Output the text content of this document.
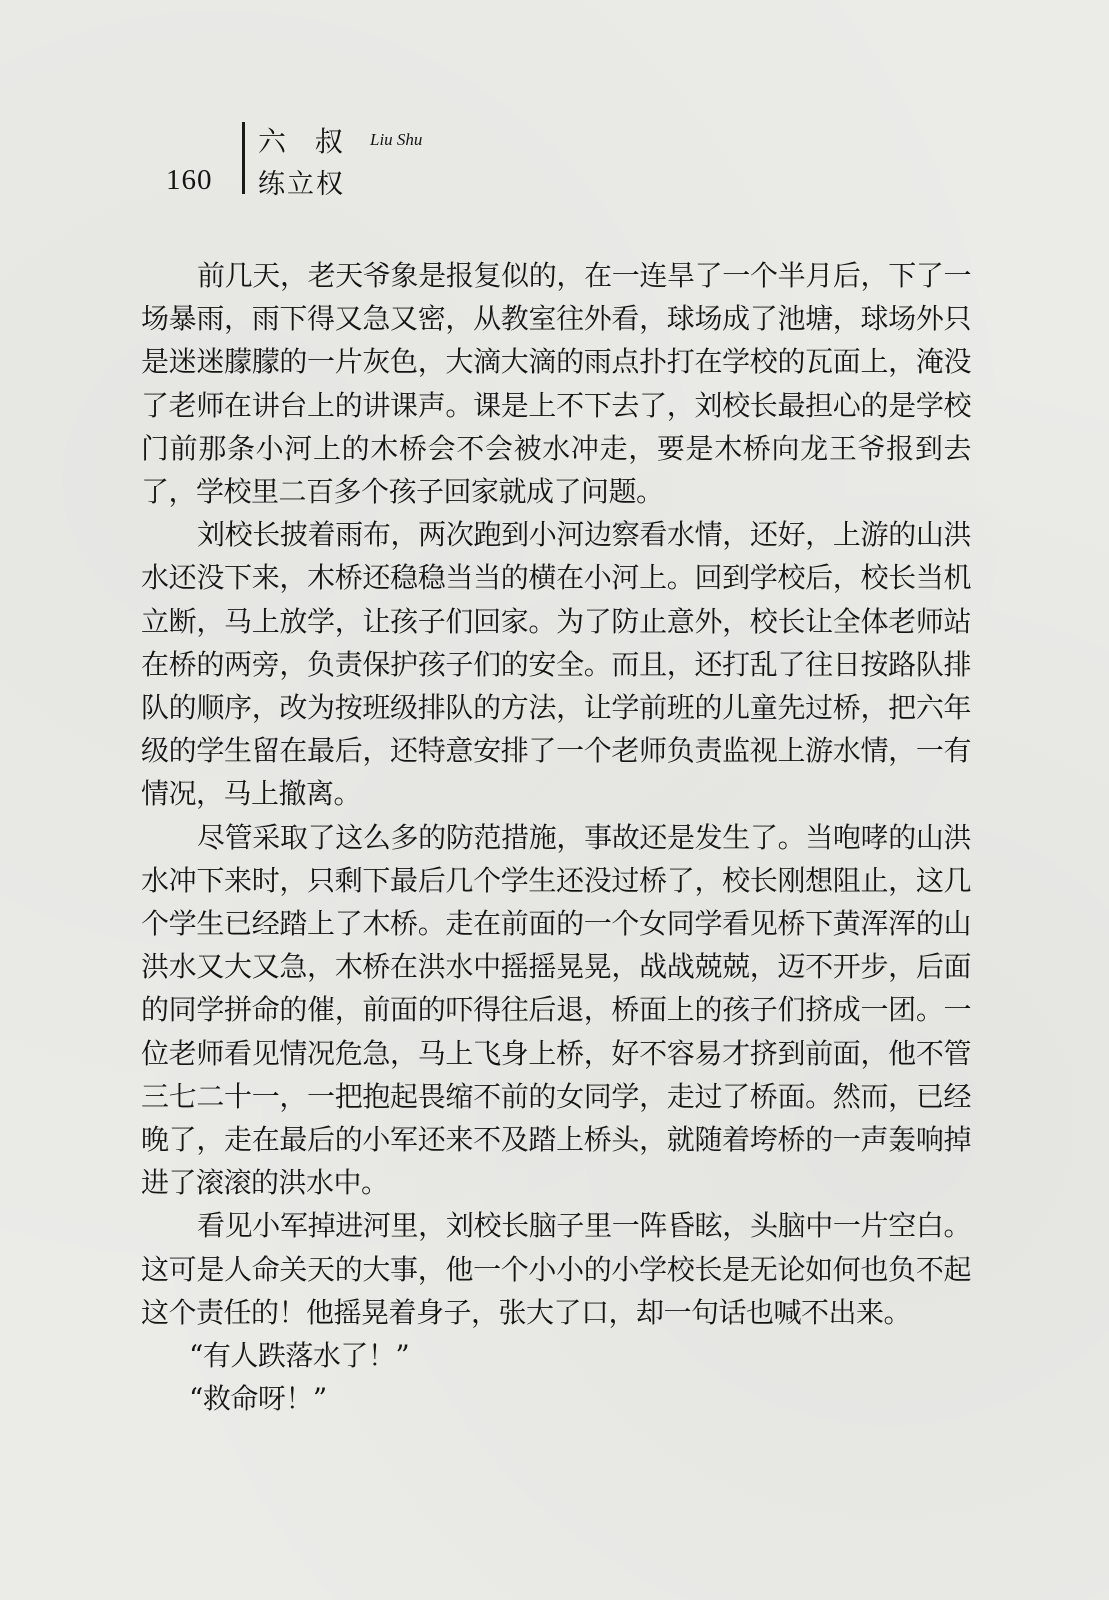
160
六 叔 Liu Shu
练立权

前几天，老天爷象是报复似的，在一连旱了一个半月后，下了一场暴雨，雨下得又急又密，从教室往外看，球场成了池塘，球场外只是迷迷朦朦的一片灰色，大滴大滴的雨点扑打在学校的瓦面上，淹没了老师在讲台上的讲课声。课是上不下去了，刘校长最担心的是学校门前那条小河上的木桥会不会被水冲走，要是木桥向龙王爷报到去了，学校里二百多个孩子回家就成了问题。

刘校长披着雨布，两次跑到小河边察看水情，还好，上游的山洪水还没下来，木桥还稳稳当当的横在小河上。回到学校后，校长当机立断，马上放学，让孩子们回家。为了防止意外，校长让全体老师站在桥的两旁，负责保护孩子们的安全。而且，还打乱了往日按路队排队的顺序，改为按班级排队的方法，让学前班的儿童先过桥，把六年级的学生留在最后，还特意安排了一个老师负责监视上游水情，一有情况，马上撤离。

尽管采取了这么多的防范措施，事故还是发生了。当咆哮的山洪水冲下来时，只剩下最后几个学生还没过桥了，校长刚想阻止，这几个学生已经踏上了木桥。走在前面的一个女同学看见桥下黄浑浑的山洪水又大又急，木桥在洪水中摇摇晃晃，战战兢兢，迈不开步，后面的同学拼命的催，前面的吓得往后退，桥面上的孩子们挤成一团。一位老师看见情况危急，马上飞身上桥，好不容易才挤到前面，他不管三七二十一，一把抱起畏缩不前的女同学，走过了桥面。然而，已经晚了，走在最后的小军还来不及踏上桥头，就随着垮桥的一声轰响掉进了滚滚的洪水中。

看见小军掉进河里，刘校长脑子里一阵昏眩，头脑中一片空白。这可是人命关天的大事，他一个小小的小学校长是无论如何也负不起这个责任的！他摇晃着身子，张大了口，却一句话也喊不出来。

“有人跌落水了！”

“救命呀！”
